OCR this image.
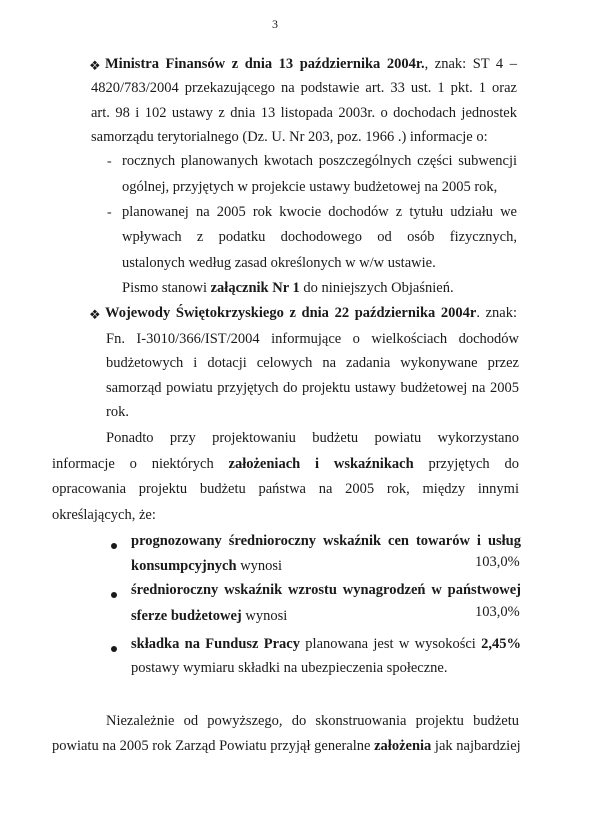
3
❖ Ministra Finansów z dnia 13 października 2004r., znak: ST 4 –
4820/783/2004 przekazującego na podstawie art. 33 ust. 1 pkt. 1 oraz
art. 98 i 102 ustawy z dnia 13 listopada 2003r. o dochodach jednostek
samorządu terytorialnego (Dz. U. Nr 203, poz. 1966 .) informacje o:
- rocznych planowanych kwotach poszczególnych części subwencji
ogólnej, przyjętych w projekcie ustawy budżetowej na 2005 rok,
- planowanej na 2005 rok kwocie dochodów z tytułu udziału we
wpływach z podatku dochodowego od osób fizycznych,
ustalonych według zasad określonych w w/w ustawie.
Pismo stanowi załącznik Nr 1 do niniejszych Objaśnień.
❖ Wojewody Świętokrzyskiego z dnia 22 października 2004r. znak:
Fn. I-3010/366/IST/2004 informujące o wielkościach dochodów
budżetowych i dotacji celowych na zadania wykonywane przez
samorząd powiatu przyjętych do projektu ustawy budżetowej na 2005
rok.
Ponadto przy projektowaniu budżetu powiatu wykorzystano
informacje o niektórych założeniach i wskaźnikach przyjętych do
opracowania projektu budżetu państwa na 2005 rok, między innymi
określających, że:
prognozowany średnioroczny wskaźnik cen towarów i usług
konsumpcyjnych wynosi	103,0%
średnioroczny wskaźnik wzrostu wynagrodzeń w państwowej
sferze budżetowej wynosi	103,0%
składka na Fundusz Pracy planowana jest w wysokości 2,45%
postawy wymiaru składki na ubezpieczenia społeczne.
Niezależnie od powyższego, do skonstruowania projektu budżetu
powiatu na 2005 rok Zarząd Powiatu przyjął generalne założenia jak najbardziej
